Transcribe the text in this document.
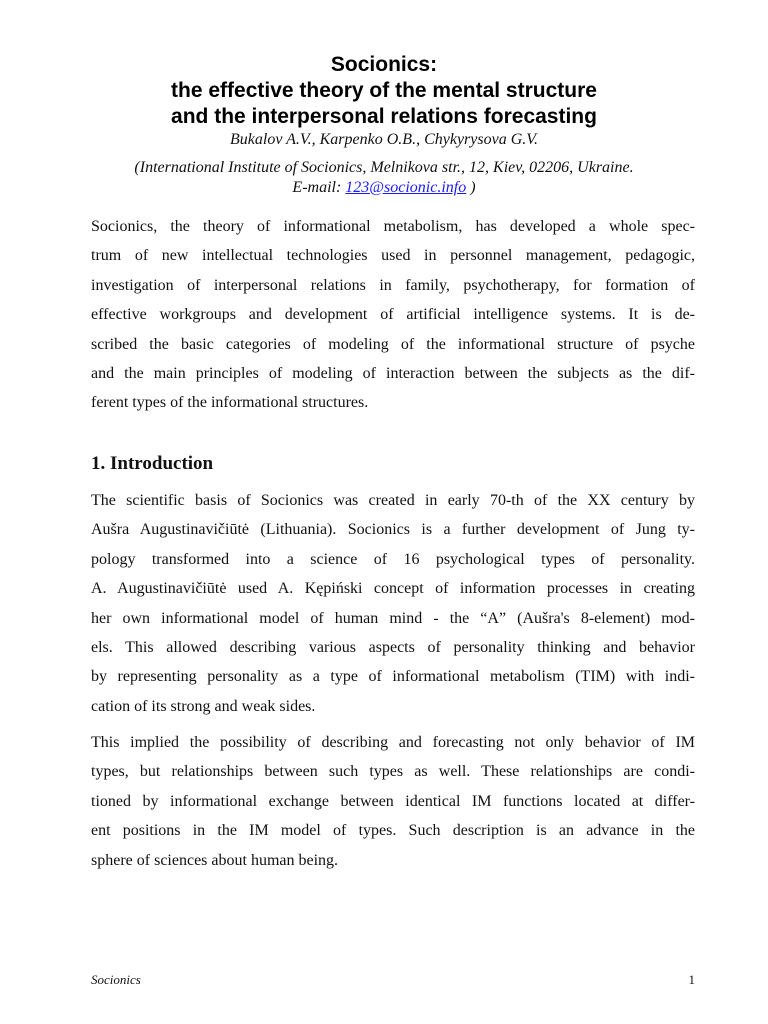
Socionics:
the effective theory of the mental structure
and the interpersonal relations forecasting
Bukalov A.V., Karpenko O.B., Chykyrysova G.V.
(International Institute of Socionics, Melnikova str., 12, Kiev, 02206, Ukraine.
E-mail: 123@socionic.info )
Socionics, the theory of informational metabolism, has developed a whole spec-
trum of new intellectual technologies used in personnel management, pedagogic,
investigation of interpersonal relations in family, psychotherapy, for formation of
effective workgroups and development of artificial intelligence systems. It is de-
scribed the basic categories of modeling of the informational structure of psyche
and the main principles of modeling of interaction between the subjects as the dif-
ferent types of the informational structures.
1. Introduction
The scientific basis of Socionics was created in early 70-th of the XX century by
Aušra Augustinavičiūtė (Lithuania). Socionics is a further development of Jung ty-
pology transformed into a science of 16 psychological types of personality.
A. Augustinavičiūtė used A. Kępiński concept of information processes in creating
her own informational model of human mind - the “A” (Aušra's 8-element) mod-
els. This allowed describing various aspects of personality thinking and behavior
by representing personality as a type of informational metabolism (TIM) with indi-
cation of its strong and weak sides.
This implied the possibility of describing and forecasting not only behavior of IM
types, but relationships between such types as well. These relationships are condi-
tioned by informational exchange between identical IM functions located at differ-
ent positions in the IM model of types. Such description is an advance in the
sphere of sciences about human being.
Socionics	1
